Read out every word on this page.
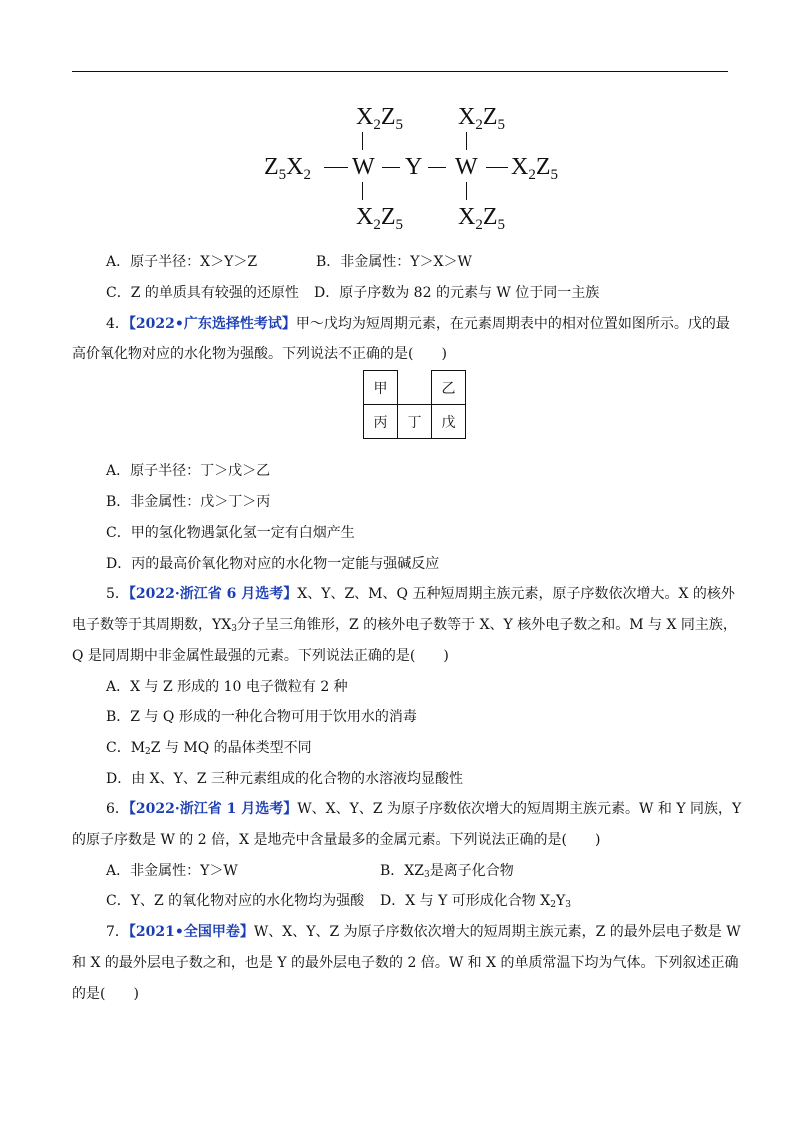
$X_2Z_5$ $X_2Z_5$
$Z_5X_2$ W Y W $X_2Z_5$
$X_2Z_5$ $X_2Z_5$
A．原子半径：X＞Y＞Z	B．非金属性：Y＞X＞W
C．Z 的单质具有较强的还原性 D．原子序数为 82 的元素与 W 位于同一主族
4．【2022•广东选择性考试】甲～戊均为短周期元素，在元素周期表中的相对位置如图所示。戊的最
高价氧化物对应的水化物为强酸。下列说法不正确的是(　　)
甲		乙
丙	丁	戊
A．原子半径：丁＞戊＞乙
B．非金属性：戊＞丁＞丙
C．甲的氢化物遇氯化氢一定有白烟产生
D．丙的最高价氧化物对应的水化物一定能与强碱反应
5．【2022·浙江省 6 月选考】X、Y、Z、M、Q 五种短周期主族元素，原子序数依次增大。X 的核外
电子数等于其周期数，$YX_3$分子呈三角锥形，Z 的核外电子数等于 X、Y 核外电子数之和。M 与 X 同主族，
Q 是同周期中非金属性最强的元素。下列说法正确的是(　　)
A．X 与 Z 形成的 10 电子微粒有 2 种
B．Z 与 Q 形成的一种化合物可用于饮用水的消毒
C．$M_2Z$ 与 MQ 的晶体类型不同
D．由 X、Y、Z 三种元素组成的化合物的水溶液均显酸性
6．【2022·浙江省 1 月选考】W、X、Y、Z 为原子序数依次增大的短周期主族元素。W 和 Y 同族，Y
的原子序数是 W 的 2 倍，X 是地壳中含量最多的金属元素。下列说法正确的是(　　)
A．非金属性：Y＞W	B．$XZ_3$是离子化合物
C．Y、Z 的氧化物对应的水化物均为强酸 D．X 与 Y 可形成化合物 $X_2Y_3$
7．【2021•全国甲卷】W、X、Y、Z 为原子序数依次增大的短周期主族元素，Z 的最外层电子数是 W
和 X 的最外层电子数之和，也是 Y 的最外层电子数的 2 倍。W 和 X 的单质常温下均为气体。下列叙述正确
的是(　　)
